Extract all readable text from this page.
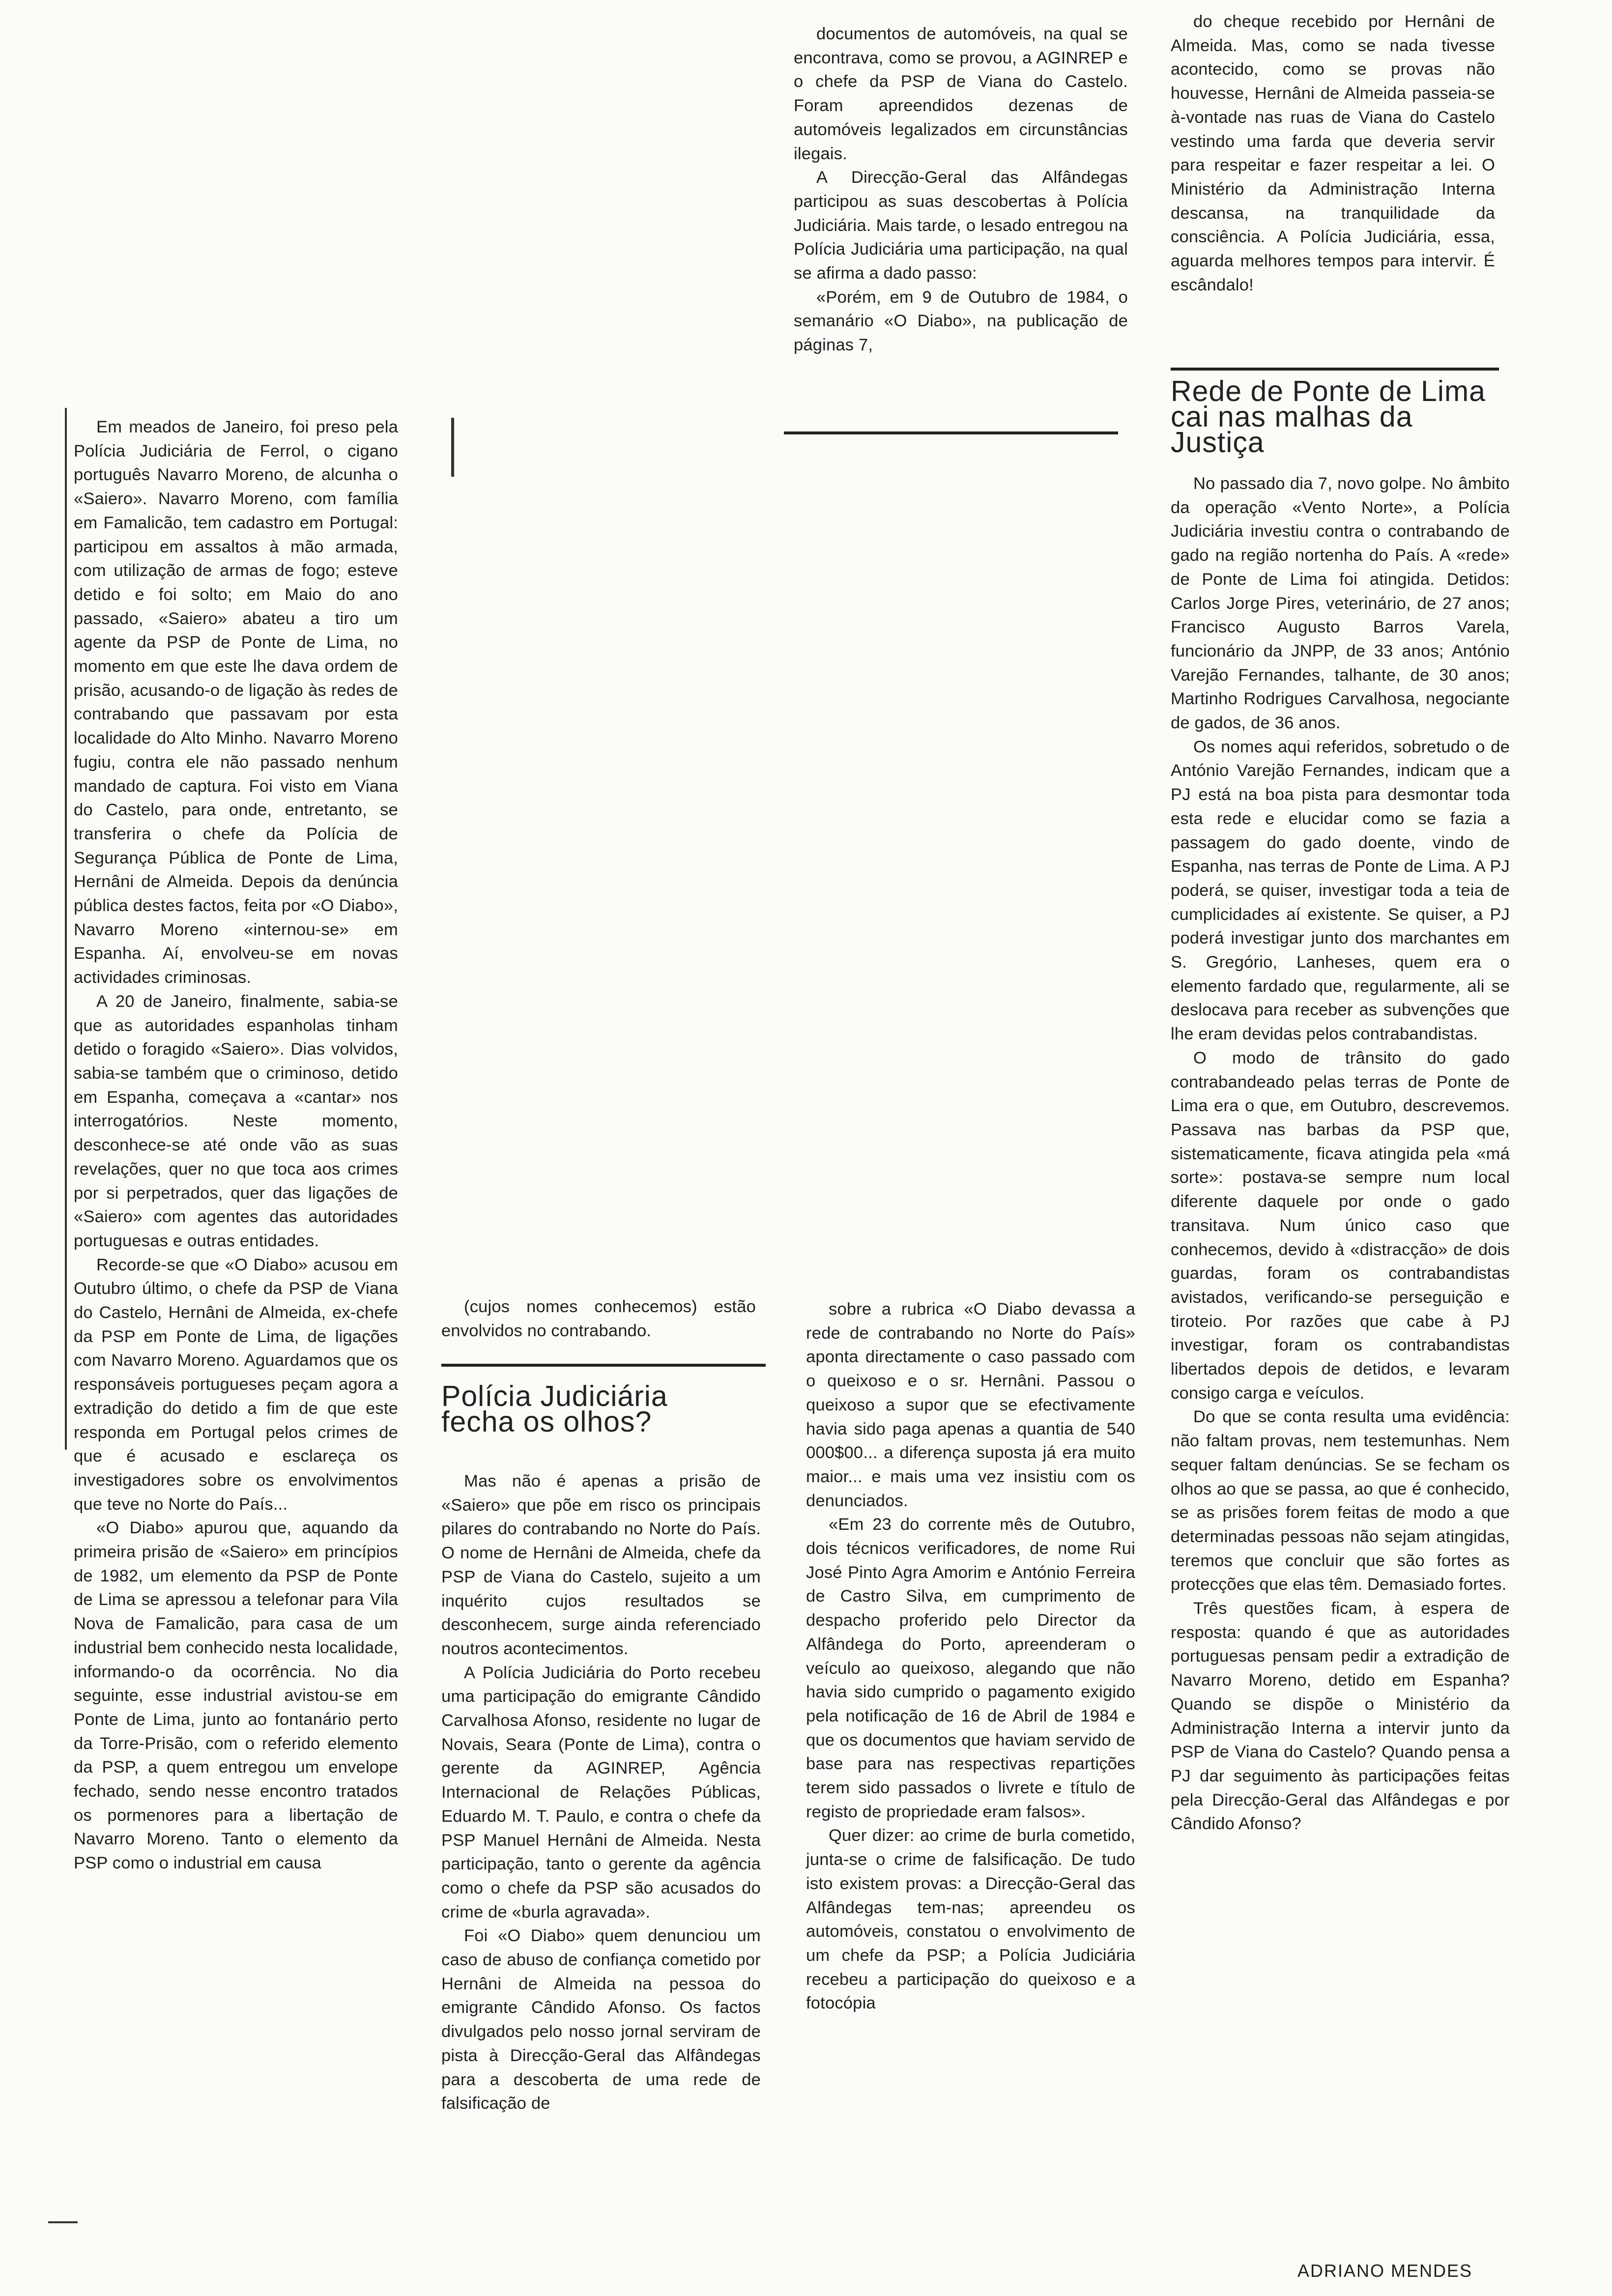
Em meados de Janeiro, foi preso pela Polícia Judiciária de Ferrol, o cigano português Navarro Moreno, de alcunha o «Saiero». Navarro Moreno, com família em Famalicão, tem cadastro em Portugal: participou em assaltos à mão armada, com utilização de armas de fogo; esteve detido e foi solto; em Maio do ano passado, «Saiero» abateu a tiro um agente da PSP de Ponte de Lima, no momento em que este lhe dava ordem de prisão, acusando-o de ligação às redes de contrabando que passavam por esta localidade do Alto Minho. Navarro Moreno fugiu, contra ele não passado nenhum mandado de captura. Foi visto em Viana do Castelo, para onde, entretanto, se transferira o chefe da Polícia de Segurança Pública de Ponte de Lima, Hernâni de Almeida. Depois da denúncia pública destes factos, feita por «O Diabo», Navarro Moreno «internou-se» em Espanha. Aí, envolveu-se em novas actividades criminosas.

A 20 de Janeiro, finalmente, sabia-se que as autoridades espanholas tinham detido o foragido «Saiero». Dias volvidos, sabia-se também que o criminoso, detido em Espanha, começava a «cantar» nos interrogatórios. Neste momento, desconhece-se até onde vão as suas revelações, quer no que toca aos crimes por si perpetrados, quer das ligações de «Saiero» com agentes das autoridades portuguesas e outras entidades.

Recorde-se que «O Diabo» acusou em Outubro último, o chefe da PSP de Viana do Castelo, Hernâni de Almeida, ex-chefe da PSP em Ponte de Lima, de ligações com Navarro Moreno. Aguardamos que os responsáveis portugueses peçam agora a extradição do detido a fim de que este responda em Portugal pelos crimes de que é acusado e esclareça os investigadores sobre os envolvimentos que teve no Norte do País...

«O Diabo» apurou que, aquando da primeira prisão de «Saiero» em princípios de 1982, um elemento da PSP de Ponte de Lima se apressou a telefonar para Vila Nova de Famalicão, para casa de um industrial bem conhecido nesta localidade, informando-o da ocorrência. No dia seguinte, esse industrial avistou-se em Ponte de Lima, junto ao fontanário perto da Torre-Prisão, com o referido elemento da PSP, a quem entregou um envelope fechado, sendo nesse encontro tratados os pormenores para a libertação de Navarro Moreno. Tanto o elemento da PSP como o industrial em causa

(cujos nomes conhecemos) estão envolvidos no contrabando.

Polícia Judiciária fecha os olhos?

Mas não é apenas a prisão de «Saiero» que põe em risco os principais pilares do contrabando no Norte do País. O nome de Hernâni de Almeida, chefe da PSP de Viana do Castelo, sujeito a um inquérito cujos resultados se desconhecem, surge ainda referenciado noutros acontecimentos.

A Polícia Judiciária do Porto recebeu uma participação do emigrante Cândido Carvalhosa Afonso, residente no lugar de Novais, Seara (Ponte de Lima), contra o gerente da AGINREP, Agência Internacional de Relações Públicas, Eduardo M. T. Paulo, e contra o chefe da PSP Manuel Hernâni de Almeida. Nesta participação, tanto o gerente da agência como o chefe da PSP são acusados do crime de «burla agravada».

Foi «O Diabo» quem denunciou um caso de abuso de confiança cometido por Hernâni de Almeida na pessoa do emigrante Cândido Afonso. Os factos divulgados pelo nosso jornal serviram de pista à Direcção-Geral das Alfândegas para a descoberta de uma rede de falsificação de

documentos de automóveis, na qual se encontrava, como se provou, a AGINREP e o chefe da PSP de Viana do Castelo. Foram apreendidos dezenas de automóveis legalizados em circunstâncias ilegais.

A Direcção-Geral das Alfândegas participou as suas descobertas à Polícia Judiciária. Mais tarde, o lesado entregou na Polícia Judiciária uma participação, na qual se afirma a dado passo:

«Porém, em 9 de Outubro de 1984, o semanário «O Diabo», na publicação de páginas 7,

sobre a rubrica «O Diabo devassa a rede de contrabando no Norte do País» aponta directamente o caso passado com o queixoso e o sr. Hernâni. Passou o queixoso a supor que se efectivamente havia sido paga apenas a quantia de 540 000$00... a diferença suposta já era muito maior... e mais uma vez insistiu com os denunciados.

«Em 23 do corrente mês de Outubro, dois técnicos verificadores, de nome Rui José Pinto Agra Amorim e António Ferreira de Castro Silva, em cumprimento de despacho proferido pelo Director da Alfândega do Porto, apreenderam o veículo ao queixoso, alegando que não havia sido cumprido o pagamento exigido pela notificação de 16 de Abril de 1984 e que os documentos que haviam servido de base para nas respectivas repartições terem sido passados o livrete e título de registo de propriedade eram falsos».

Quer dizer: ao crime de burla cometido, junta-se o crime de falsificação. De tudo isto existem provas: a Direcção-Geral das Alfândegas tem-nas; apreendeu os automóveis, constatou o envolvimento de um chefe da PSP; a Polícia Judiciária recebeu a participação do queixoso e a fotocópia

do cheque recebido por Hernâni de Almeida. Mas, como se nada tivesse acontecido, como se provas não houvesse, Hernâni de Almeida passeia-se à-vontade nas ruas de Viana do Castelo vestindo uma farda que deveria servir para respeitar e fazer respeitar a lei. O Ministério da Administração Interna descansa, na tranquilidade da consciência. A Polícia Judiciária, essa, aguarda melhores tempos para intervir. É escândalo!

Rede de Ponte de Lima cai nas malhas da Justiça

No passado dia 7, novo golpe. No âmbito da operação «Vento Norte», a Polícia Judiciária investiu contra o contrabando de gado na região nortenha do País. A «rede» de Ponte de Lima foi atingida. Detidos: Carlos Jorge Pires, veterinário, de 27 anos; Francisco Augusto Barros Varela, funcionário da JNPP, de 33 anos; António Varejão Fernandes, talhante, de 30 anos; Martinho Rodrigues Carvalhosa, negociante de gados, de 36 anos.

Os nomes aqui referidos, sobretudo o de António Varejão Fernandes, indicam que a PJ está na boa pista para desmontar toda esta rede e elucidar como se fazia a passagem do gado doente, vindo de Espanha, nas terras de Ponte de Lima. A PJ poderá, se quiser, investigar toda a teia de cumplicidades aí existente. Se quiser, a PJ poderá investigar junto dos marchantes em S. Gregório, Lanheses, quem era o elemento fardado que, regularmente, ali se deslocava para receber as subvenções que lhe eram devidas pelos contrabandistas.

O modo de trânsito do gado contrabandeado pelas terras de Ponte de Lima era o que, em Outubro, descrevemos. Passava nas barbas da PSP que, sistematicamente, ficava atingida pela «má sorte»: postava-se sempre num local diferente daquele por onde o gado transitava. Num único caso que conhecemos, devido à «distracção» de dois guardas, foram os contrabandistas avistados, verificando-se perseguição e tiroteio. Por razões que cabe à PJ investigar, foram os contrabandistas libertados depois de detidos, e levaram consigo carga e veículos.

Do que se conta resulta uma evidência: não faltam provas, nem testemunhas. Nem sequer faltam denúncias. Se se fecham os olhos ao que se passa, ao que é conhecido, se as prisões forem feitas de modo a que determinadas pessoas não sejam atingidas, teremos que concluir que são fortes as protecções que elas têm. Demasiado fortes.

Três questões ficam, à espera de resposta: quando é que as autoridades portuguesas pensam pedir a extradição de Navarro Moreno, detido em Espanha? Quando se dispõe o Ministério da Administração Interna a intervir junto da PSP de Viana do Castelo? Quando pensa a PJ dar seguimento às participações feitas pela Direcção-Geral das Alfândegas e por Cândido Afonso?

ADRIANO MENDES
